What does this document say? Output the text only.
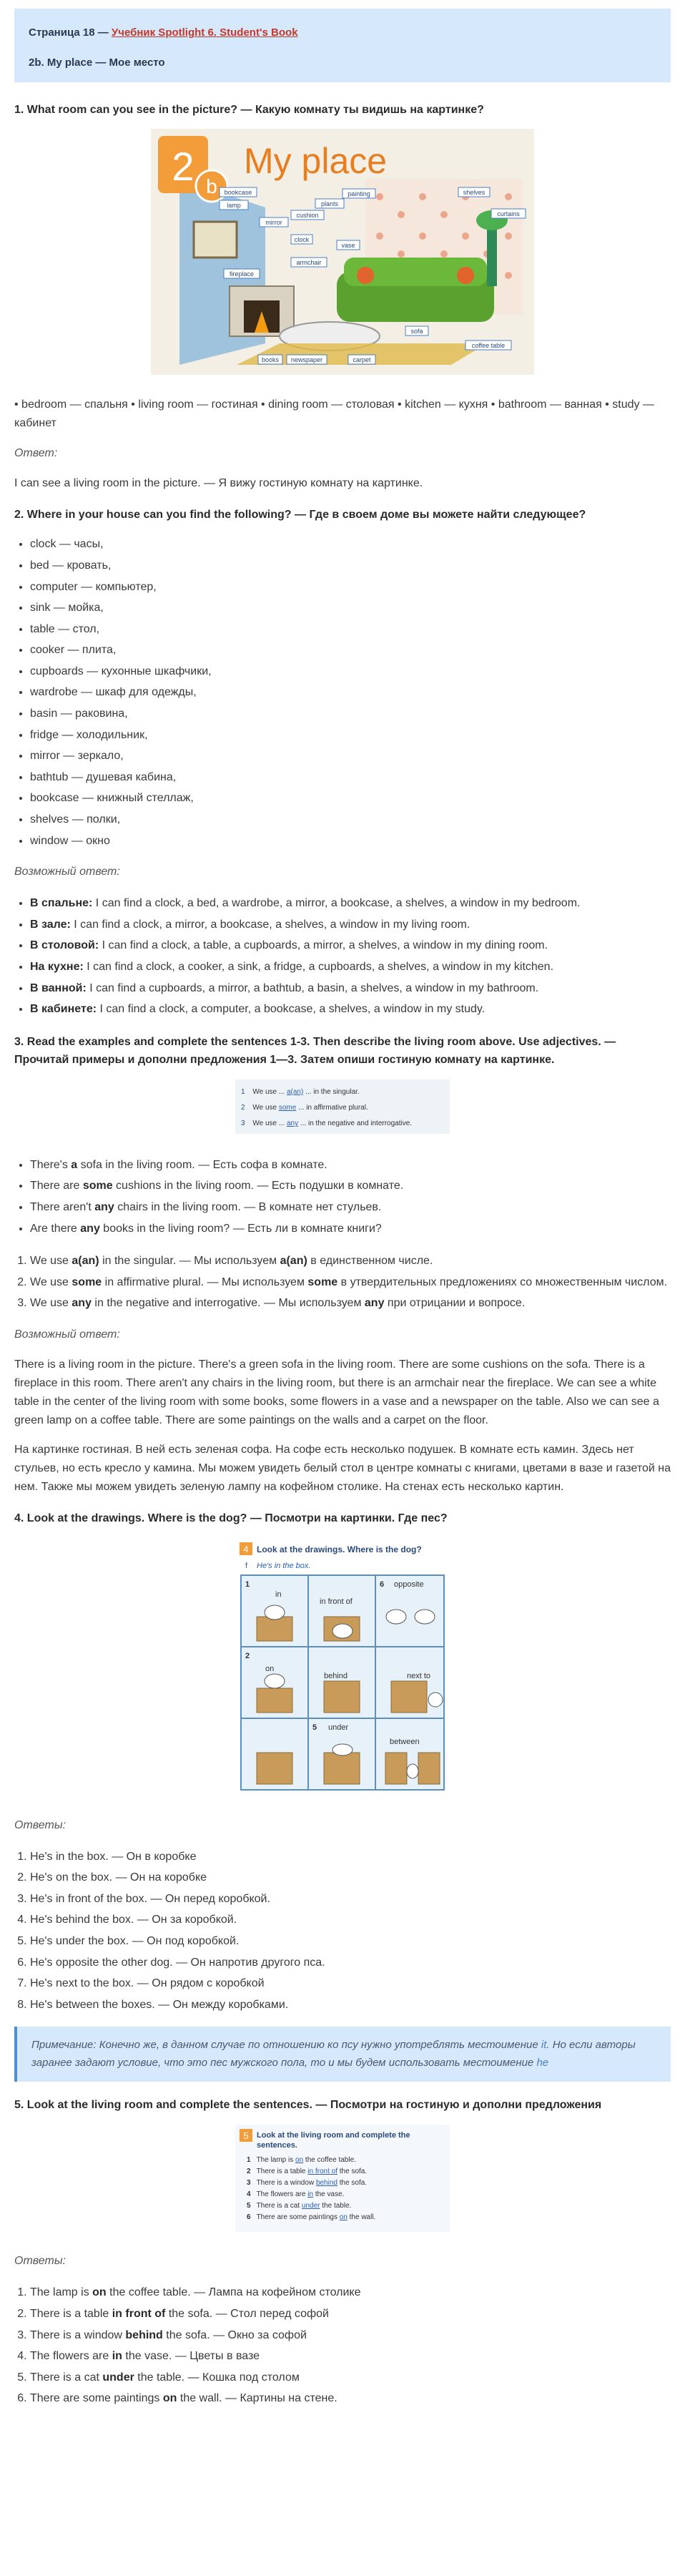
Страница 18 — Учебник Spotlight 6. Student's Book

2b. My place — Мое место

1. What room can you see in the picture? — Какую комнату ты видишь на картинке?
2 b
My place
bookcase
lamp
mirror
cushion
plants
fireplace
armchair
vase
sofa
painting
newspaper
books	carpet
coffee table
clock
shelves
curtains

• bedroom — спальня • living room — гостиная • dining room — столовая • kitchen — кухня • bathroom — ванная • study — кабинет

Ответ:

I can see a living room in the picture. — Я вижу гостиную комнату на картинке.

2. Where in your house can you find the following? — Где в своем доме вы можете найти следующее?
• clock — часы,
• bed — кровать,
• computer — компьютер,
• sink — мойка,
• table — стол,
• cooker — плита,
• cupboards — кухонные шкафчики,
• wardrobe — шкаф для одежды,
• basin — раковина,
• fridge — холодильник,
• mirror — зеркало,
• bathtub — душевая кабина,
• bookcase — книжный стеллаж,
• shelves — полки,
• window — окно

Возможный ответ:

• В спальне: I can find a clock, a bed, a wardrobe, a mirror, a bookcase, a shelves, a window in my bedroom.
• В зале: I can find a clock, a mirror, a bookcase, a shelves, a window in my living room.
• В столовой: I can find a clock, a table, a cupboards, a mirror, a shelves, a window in my dining room.
• На кухне: I can find a clock, a cooker, a sink, a fridge, a cupboards, a shelves, a window in my kitchen.
• В ванной: I can find a cupboards, a mirror, a bathtub, a basin, a shelves, a window in my bathroom.
• В кабинете: I can find a clock, a computer, a bookcase, a shelves, a window in my study.
3. Read the examples and complete the sentences 1-3. Then describe the living room above. Use adjectives. — Прочитай примеры и дополни предложения 1—3. Затем опиши гостиную комнату на картинке.
1 We use ... a(an) ... in the singular.
2 We use some ... in affirmative plural.
3 We use ... any ... in the negative and interrogative.
• There's a sofa in the living room. — Есть софа в комнате.
• There are some cushions in the living room. — Есть подушки в комнате.
• There aren't any chairs in the living room. — В комнате нет стульев.
• Are there any books in the living room? — Есть ли в комнате книги?
1. We use a(an) in the singular. — Мы используем a(an) в единственном числе.
2. We use some in affirmative plural. — Мы используем some в утвердительных предложениях со множественным числом.
3. We use any in the negative and interrogative. — Мы используем any при отрицании и вопросе.

Возможный ответ:

There is a living room in the picture. There's a green sofa in the living room. There are some cushions on the sofa. There is a fireplace in this room. There aren't any chairs in the living room, but there is an armchair near the fireplace. We can see a white table in the center of the living room with some books, some flowers in a vase and a newspaper on the table. Also we can see a green lamp on a coffee table. There are some paintings on the walls and a carpet on the floor.

На картинке гостиная. В ней есть зеленая софа. На софе есть несколько подушек. В комнате есть камин. Здесь нет стульев, но есть кресло у камина. Мы можем увидеть белый стол в центре комнаты с книгами, цветами в вазе и газетой на нем. Также мы можем увидеть зеленую лампу на кофейном столике. На стенах есть несколько картин.

4. Look at the drawings. Where is the dog? — Посмотри на картинки. Где пес?
4 Look at the drawings. Where is the dog?
f He's in the box.
1
in
in front of
6 opposite
2
on
behind	next to
5 under
between

Ответы:

1. He's in the box. — Он в коробке
2. He's on the box. — Он на коробке
3. He's in front of the box. — Он перед коробкой.
4. He's behind the box. — Он за коробкой.
5. He's under the box. — Он под коробкой.
6. He's opposite the other dog. — Он напротив другого пса.
7. He's next to the box. — Он рядом с коробкой
8. He's between the boxes. — Он между коробками.
Примечание: Конечно же, в данном случае по отношению ко псу нужно употреблять местоимение it. Но если авторы заранее задают условие, что это пес мужского пола, то и мы будем использовать местоимение he
5. Look at the living room and complete the sentences. — Посмотри на гостиную и дополни предложения
5 Look at the living room and complete the
sentences.
1 The lamp is on the coffee table.
2 There is a table in front of the sofa.
3 There is a window behind the sofa.
4 The flowers are in the vase.
5 There is a cat under the table.
6 There are some paintings on the wall.

Ответы:

1. The lamp is on the coffee table. — Лампа на кофейном столике
2. There is a table in front of the sofa. — Стол перед софой
3. There is a window behind the sofa. — Окно за софой
4. The flowers are in the vase. — Цветы в вазе
5. There is a cat under the table. — Кошка под столом
6. There are some paintings on the wall. — Картины на стене.
